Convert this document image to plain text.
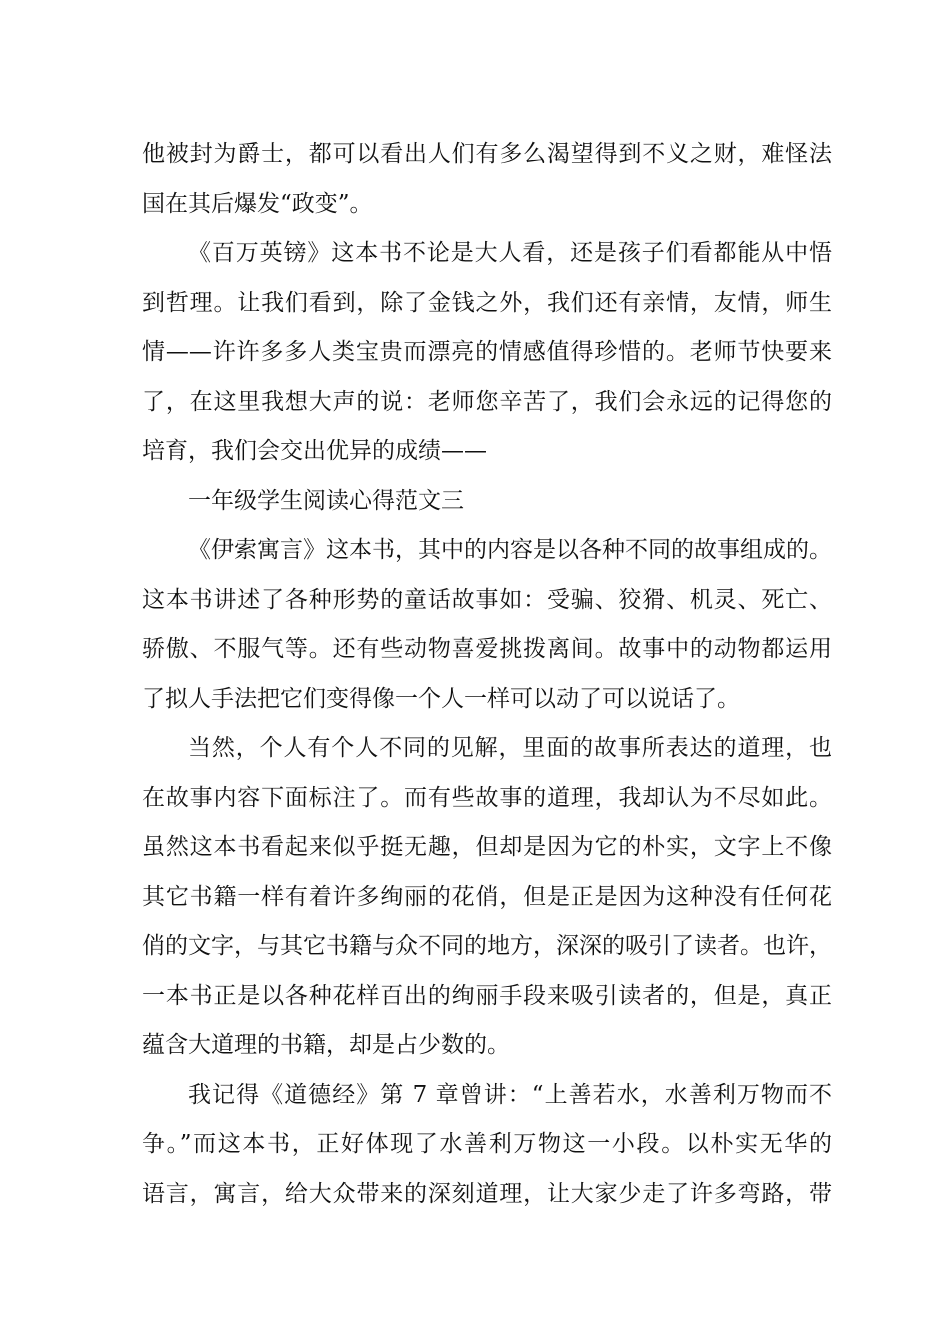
他被封为爵士，都可以看出人们有多么渴望得到不义之财，难怪法
国在其后爆发“政变”。
《百万英镑》这本书不论是大人看，还是孩子们看都能从中悟
到哲理。让我们看到，除了金钱之外，我们还有亲情，友情，师生
情——许许多多人类宝贵而漂亮的情感值得珍惜的。老师节快要来
了，在这里我想大声的说：老师您辛苦了，我们会永远的记得您的
培育，我们会交出优异的成绩——
一年级学生阅读心得范文三
《伊索寓言》这本书，其中的内容是以各种不同的故事组成的。
这本书讲述了各种形势的童话故事如：受骗、狡猾、机灵、死亡、
骄傲、不服气等。还有些动物喜爱挑拨离间。故事中的动物都运用
了拟人手法把它们变得像一个人一样可以动了可以说话了。
当然，个人有个人不同的见解，里面的故事所表达的道理，也
在故事内容下面标注了。而有些故事的道理，我却认为不尽如此。
虽然这本书看起来似乎挺无趣，但却是因为它的朴实，文字上不像
其它书籍一样有着许多绚丽的花俏，但是正是因为这种没有任何花
俏的文字，与其它书籍与众不同的地方，深深的吸引了读者。也许，
一本书正是以各种花样百出的绚丽手段来吸引读者的，但是，真正
蕴含大道理的书籍，却是占少数的。
我记得《道德经》第 7 章曾讲：“上善若水，水善利万物而不
争。”而这本书，正好体现了水善利万物这一小段。以朴实无华的
语言，寓言，给大众带来的深刻道理，让大家少走了许多弯路，带
